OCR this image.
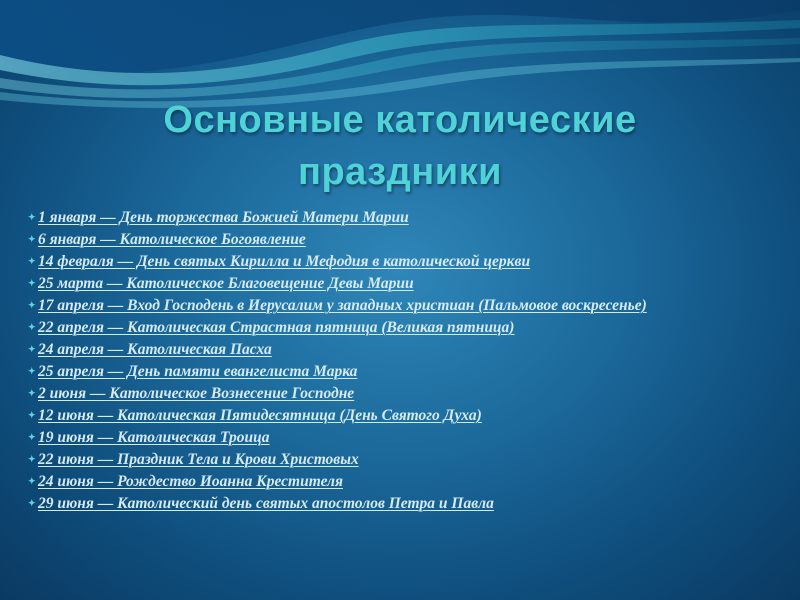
Основные католические
праздники
✦ 1 января — День торжества Божией Матери Марии
✦ 6 января — Католическое Богоявление
✦ 14 февраля — День святых Кирилла и Мефодия в католической церкви
✦ 25 марта — Католическое Благовещение Девы Марии
✦ 17 апреля — Вход Господень в Иерусалим у западных христиан (Пальмовое воскресенье)
✦ 22 апреля — Католическая Страстная пятница (Великая пятница)
✦ 24 апреля — Католическая Пасха
✦ 25 апреля — День памяти евангелиста Марка
✦ 2 июня — Католическое Вознесение Господне
✦ 12 июня — Католическая Пятидесятница (День Святого Духа)
✦ 19 июня — Католическая Троица
✦ 22 июня — Праздник Тела и Крови Христовых
✦ 24 июня — Рождество Иоанна Крестителя
✦ 29 июня — Католический день святых апостолов Петра и Павла
